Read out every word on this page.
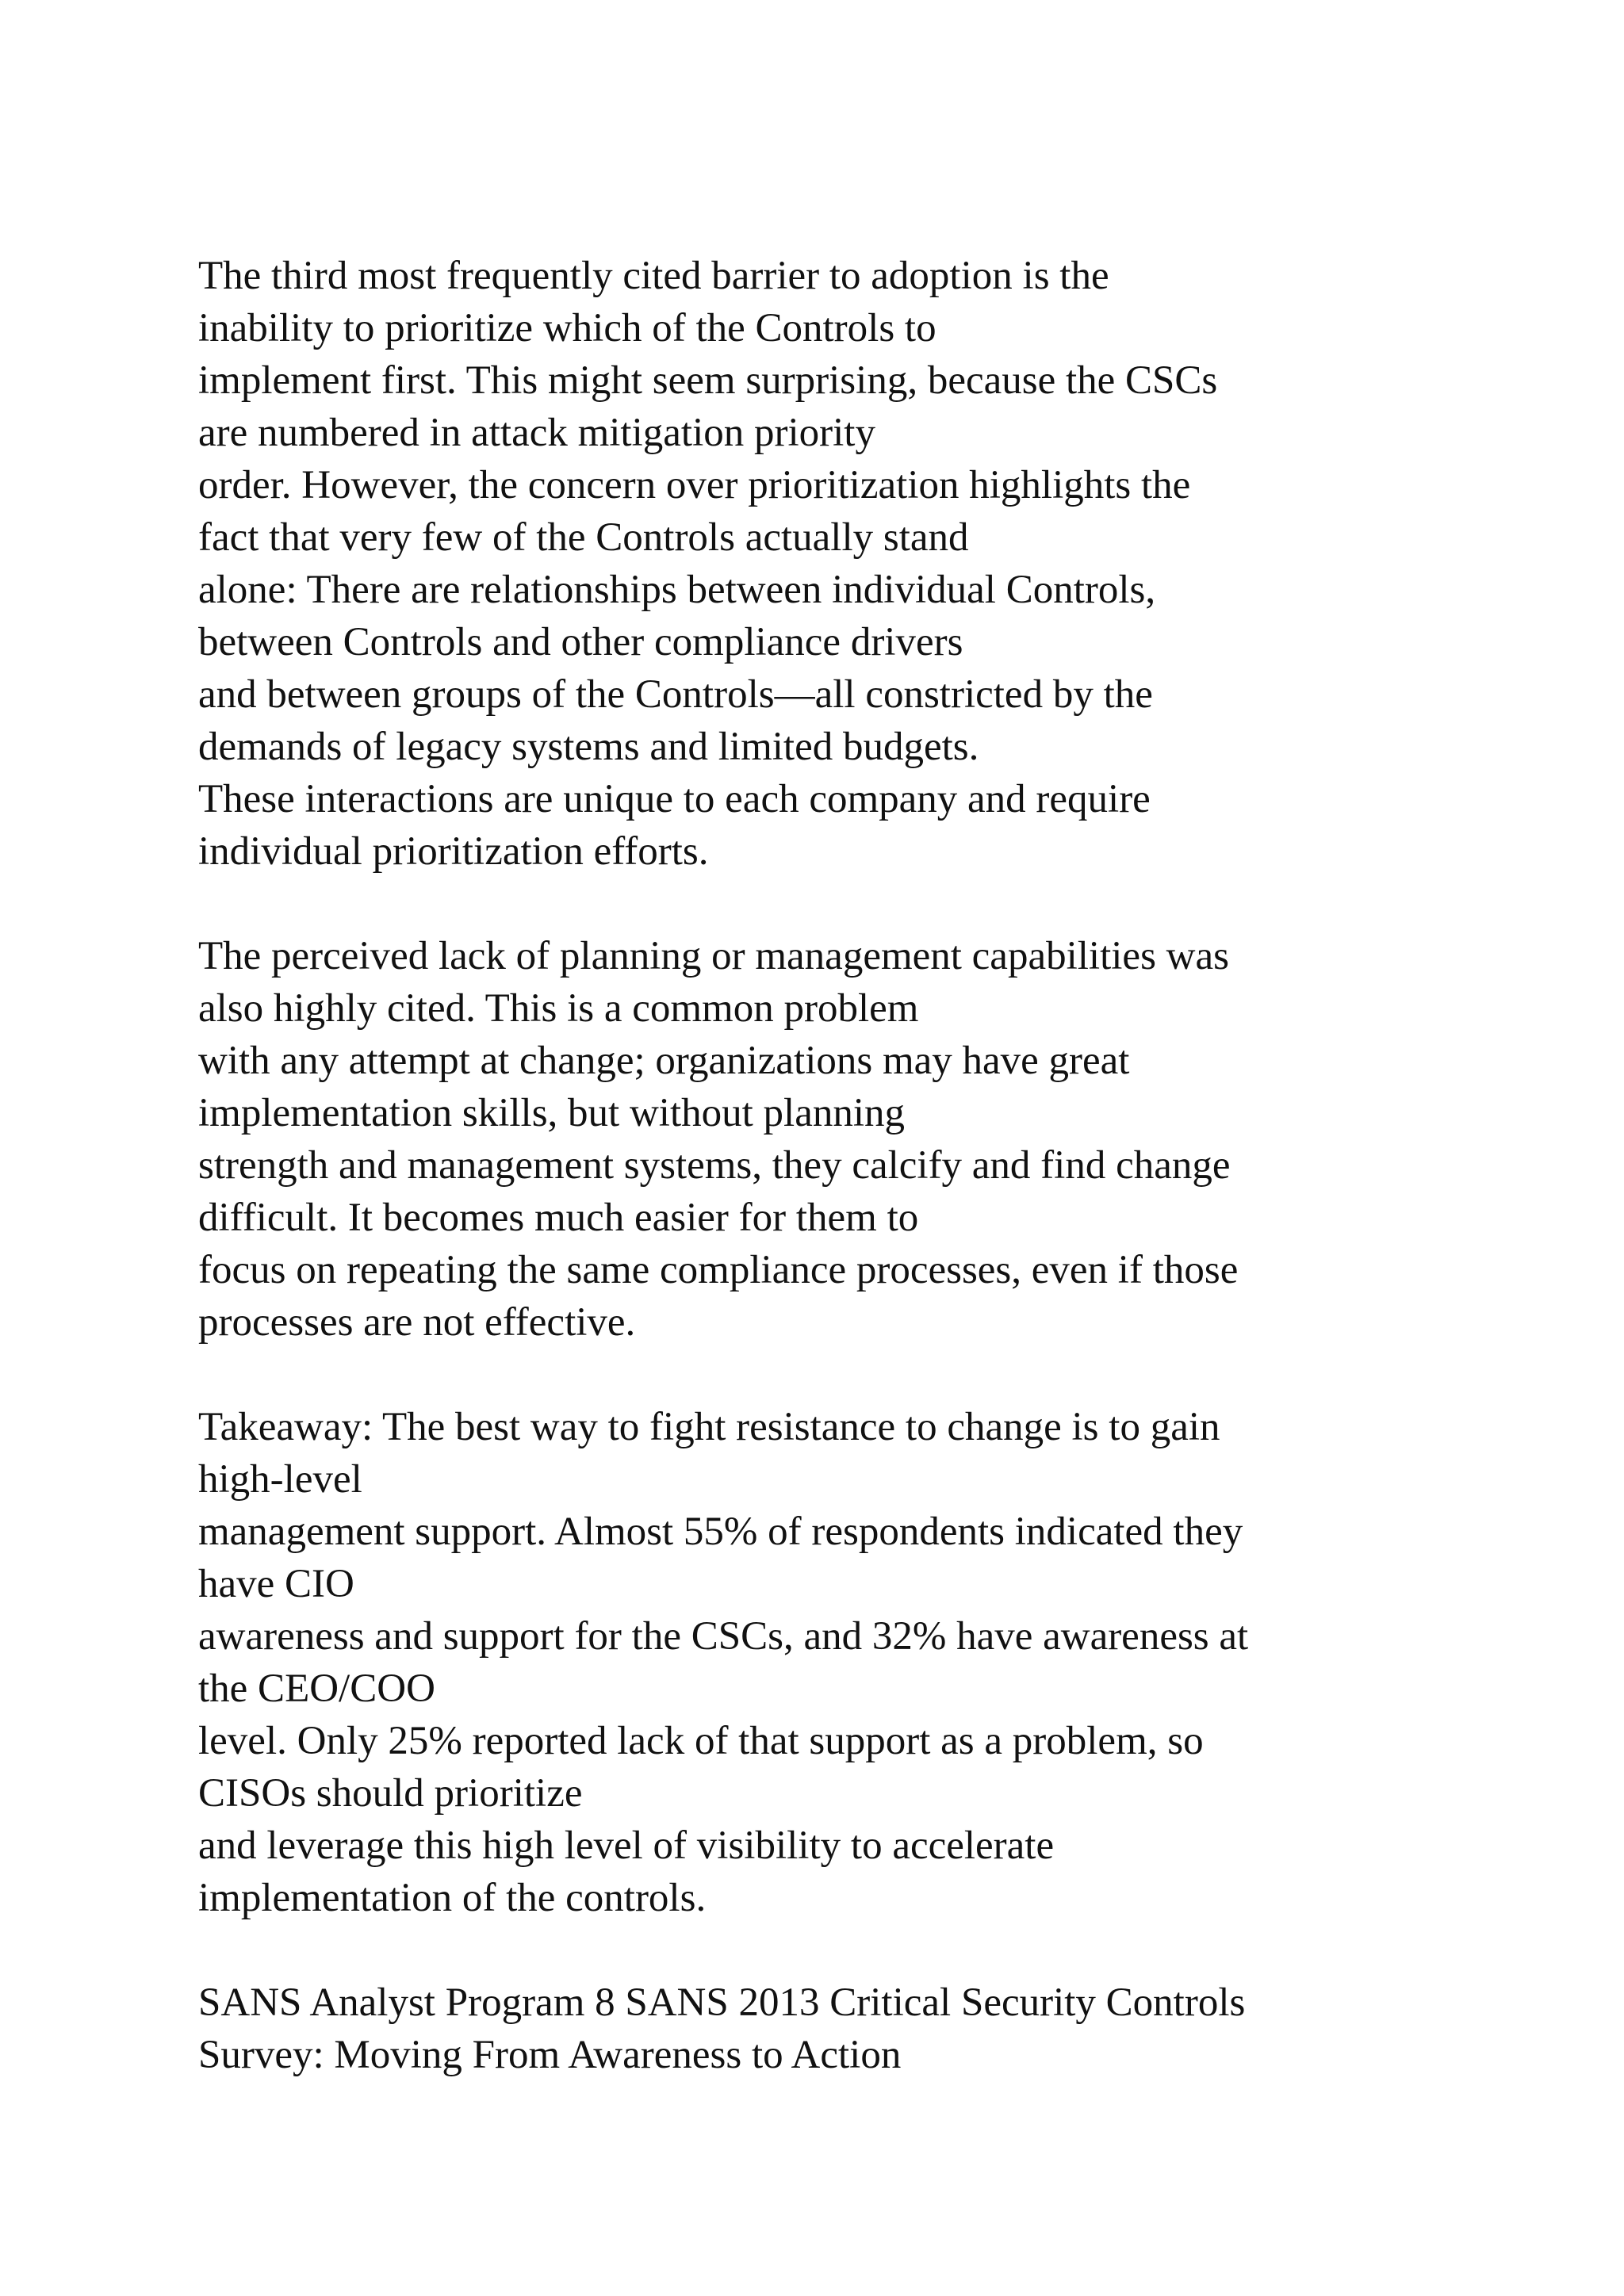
The third most frequently cited barrier to adoption is the
inability to prioritize which of the Controls to
implement first. This might seem surprising, because the CSCs
are numbered in attack mitigation priority
order. However, the concern over prioritization highlights the
fact that very few of the Controls actually stand
alone: There are relationships between individual Controls,
between Controls and other compliance drivers
and between groups of the Controls—all constricted by the
demands of legacy systems and limited budgets.
These interactions are unique to each company and require
individual prioritization efforts.
The perceived lack of planning or management capabilities was
also highly cited. This is a common problem
with any attempt at change; organizations may have great
implementation skills, but without planning
strength and management systems, they calcify and find change
difficult. It becomes much easier for them to
focus on repeating the same compliance processes, even if those
processes are not effective.
Takeaway: The best way to fight resistance to change is to gain
high-level
management support. Almost 55% of respondents indicated they
have CIO
awareness and support for the CSCs, and 32% have awareness at
the CEO/COO
level. Only 25% reported lack of that support as a problem, so
CISOs should prioritize
and leverage this high level of visibility to accelerate
implementation of the controls.
SANS Analyst Program 8 SANS 2013 Critical Security Controls
Survey: Moving From Awareness to Action
